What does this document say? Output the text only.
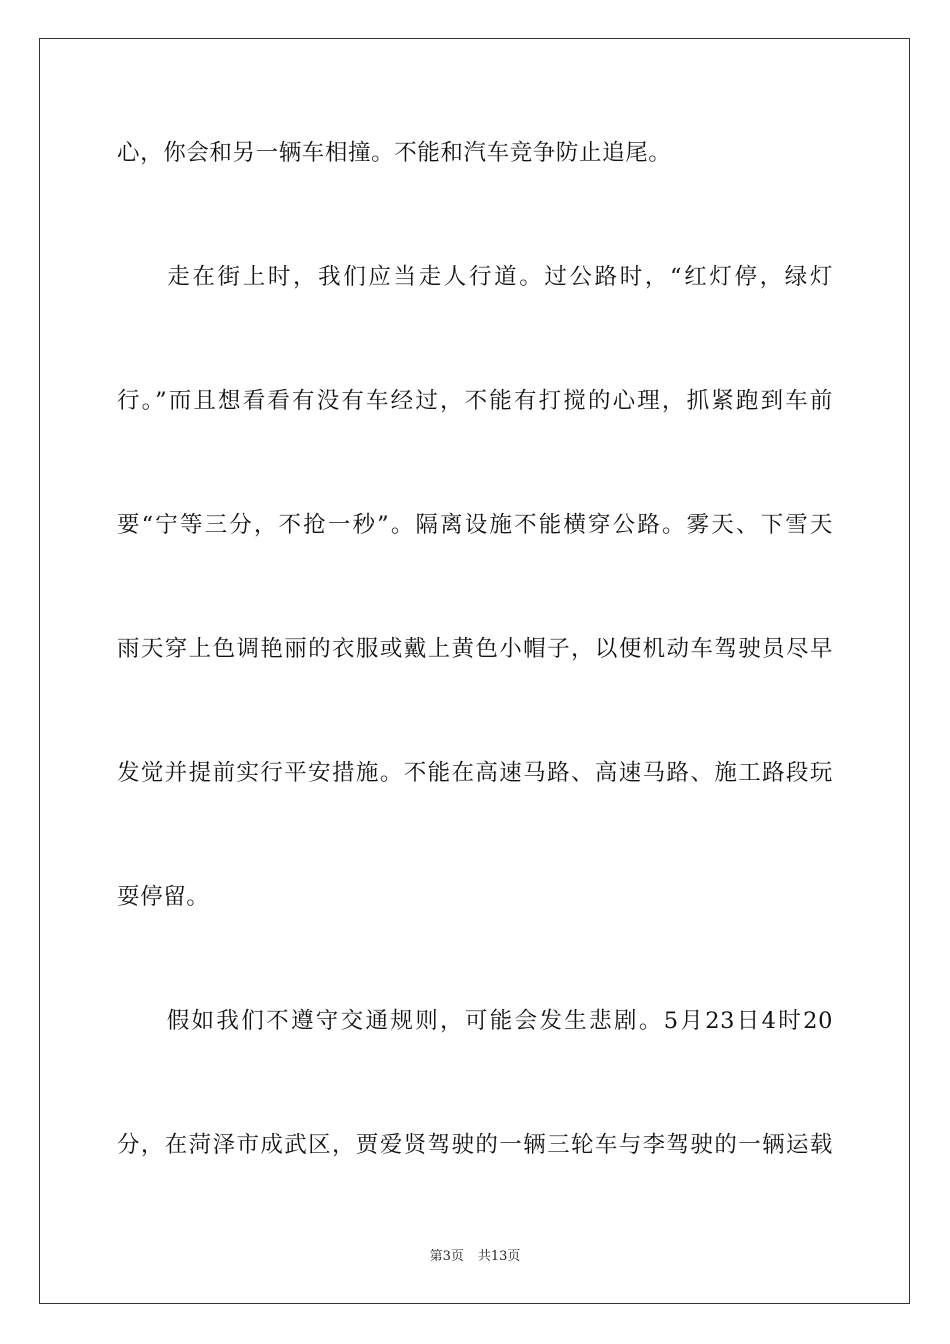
心，你会和另一辆车相撞。不能和汽车竞争防止追尾。
　　走在街上时，我们应当走人行道。过公路时，“红灯停，绿灯
行。”而且想看看有没有车经过，不能有打搅的心理，抓紧跑到车前
要“宁等三分，不抢一秒”。隔离设施不能横穿公路。雾天、下雪天
雨天穿上色调艳丽的衣服或戴上黄色小帽子，以便机动车驾驶员尽早
发觉并提前实行平安措施。不能在高速马路、高速马路、施工路段玩
耍停留。
　　假如我们不遵守交通规则，可能会发生悲剧。5月23日4时20
分，在菏泽市成武区，贾爱贤驾驶的一辆三轮车与李驾驶的一辆运载
第3页 共13页
